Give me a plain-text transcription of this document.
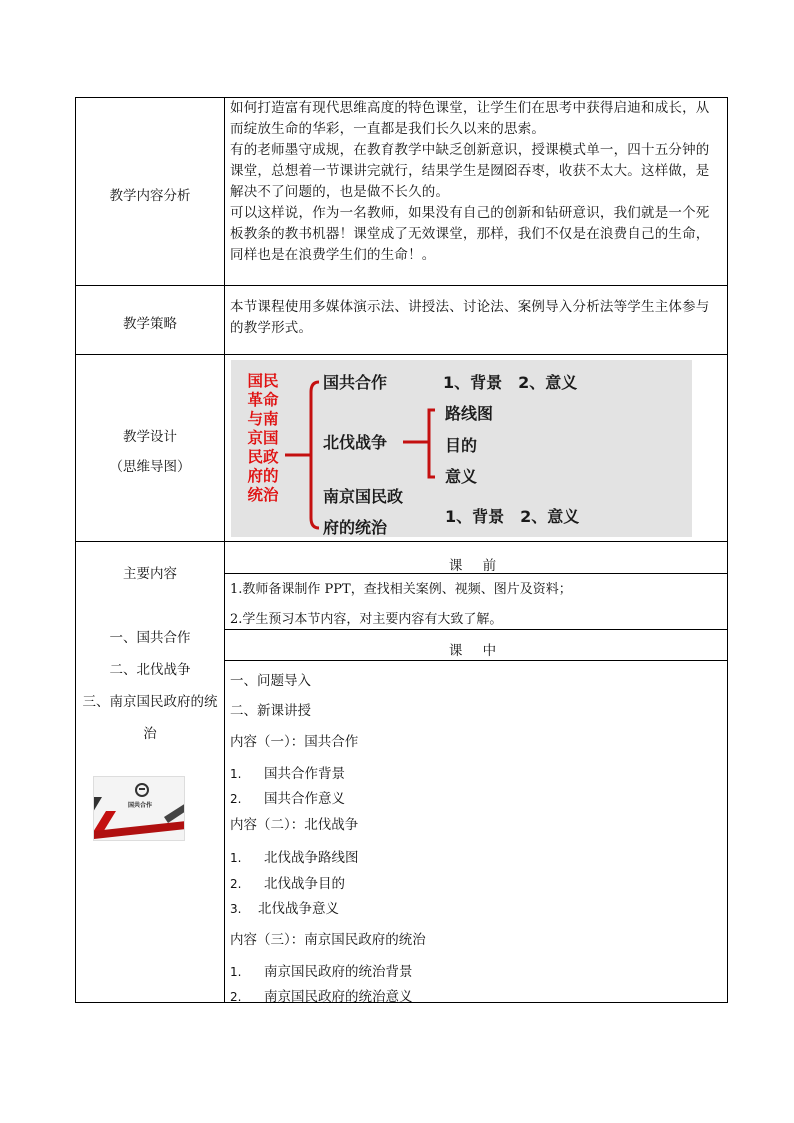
教学内容分析

如何打造富有现代思维高度的特色课堂，让学生们在思考中获得启迪和成长，从而绽放生命的华彩，一直都是我们长久以来的思索。

有的老师墨守成规，在教育教学中缺乏创新意识，授课模式单一，四十五分钟的课堂，总想着一节课讲完就行，结果学生是囫囵吞枣，收获不太大。这样做，是解决不了问题的，也是做不长久的。

可以这样说，作为一名教师，如果没有自己的创新和钻研意识，我们就是一个死板教条的教书机器！课堂成了无效课堂，那样，我们不仅是在浪费自己的生命，同样也是在浪费学生们的生命！。

教学策略
本节课程使用多媒体演示法、讲授法、讨论法、案例导入分析法等学生主体参与的教学形式。
教学设计
（思维导图）
国民革命与南京国民政府的统治
国共合作	1、背景　2、意义
北伐战争
路线图
目的
意义
南京国民政
府的统治
1、背景　2、意义
主要内容
一、国共合作
二、北伐战争
三、南京国民政府的统
治
国共合作
课 前
1.教师备课制作 PPT，查找相关案例、视频、图片及资料；
2.学生预习本节内容，对主要内容有大致了解。
课 中
一、问题导入
二、新课讲授
内容（一）：国共合作
1. 国共合作背景
2. 国共合作意义
内容（二）：北伐战争
1. 北伐战争路线图
2. 北伐战争目的
3. 北伐战争意义
内容（三）：南京国民政府的统治
1. 南京国民政府的统治背景
2. 南京国民政府的统治意义
